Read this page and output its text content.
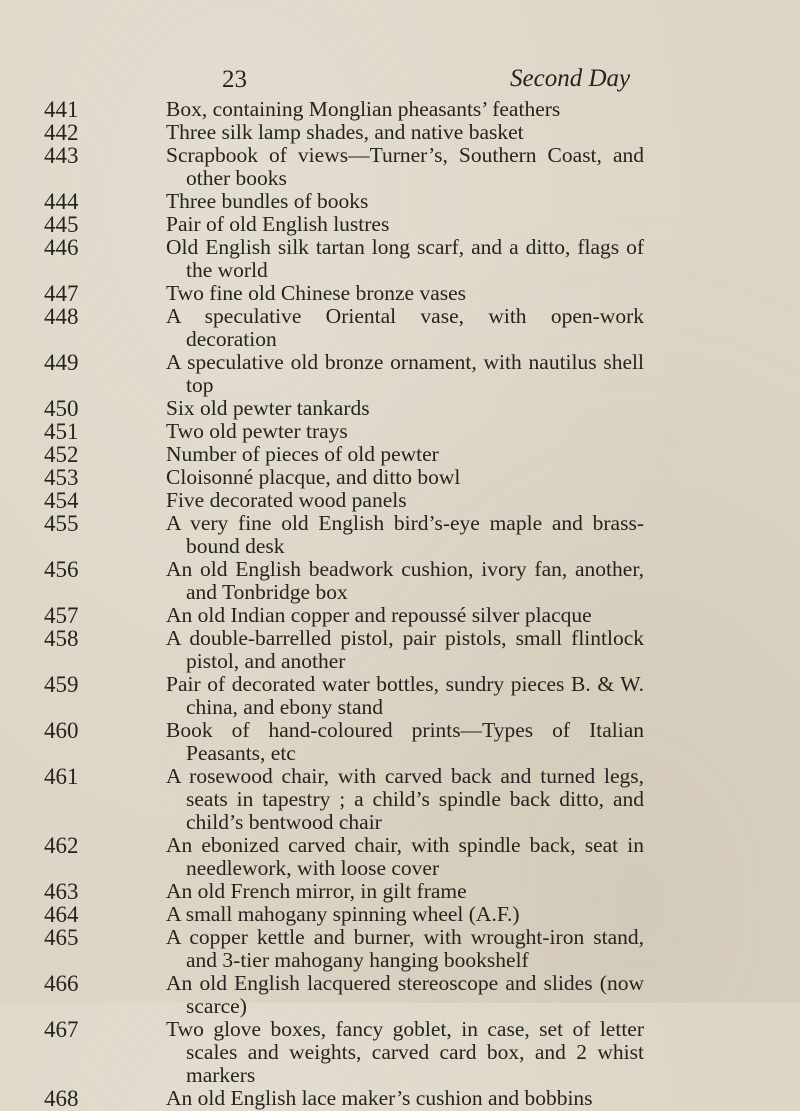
23	Second Day
441	Box, containing Monglian pheasants’ feathers
442	Three silk lamp shades, and native basket
443	Scrapbook of views—Turner’s, Southern Coast, and other books
444	Three bundles of books
445	Pair of old English lustres
446	Old English silk tartan long scarf, and a ditto, flags of the world
447	Two fine old Chinese bronze vases
448	A speculative Oriental vase, with open-work decoration
449	A speculative old bronze ornament, with nautilus shell top
450	Six old pewter tankards
451	Two old pewter trays
452	Number of pieces of old pewter
453	Cloisonné placque, and ditto bowl
454	Five decorated wood panels
455	A very fine old English bird’s-eye maple and brass-bound desk
456	An old English beadwork cushion, ivory fan, another, and Tonbridge box
457	An old Indian copper and repoussé silver placque
458	A double-barrelled pistol, pair pistols, small flintlock pistol, and another
459	Pair of decorated water bottles, sundry pieces B. & W. china, and ebony stand
460	Book of hand-coloured prints—Types of Italian Peasants, etc
461	A rosewood chair, with carved back and turned legs, seats in tapestry ; a child’s spindle back ditto, and child’s bentwood chair
462	An ebonized carved chair, with spindle back, seat in needlework, with loose cover
463	An old French mirror, in gilt frame
464	A small mahogany spinning wheel (A.F.)
465	A copper kettle and burner, with wrought-iron stand, and 3-tier mahogany hanging bookshelf
466	An old English lacquered stereoscope and slides (now scarce)
467	Two glove boxes, fancy goblet, in case, set of letter scales and weights, carved card box, and 2 whist markers
468	An old English lace maker’s cushion and bobbins
